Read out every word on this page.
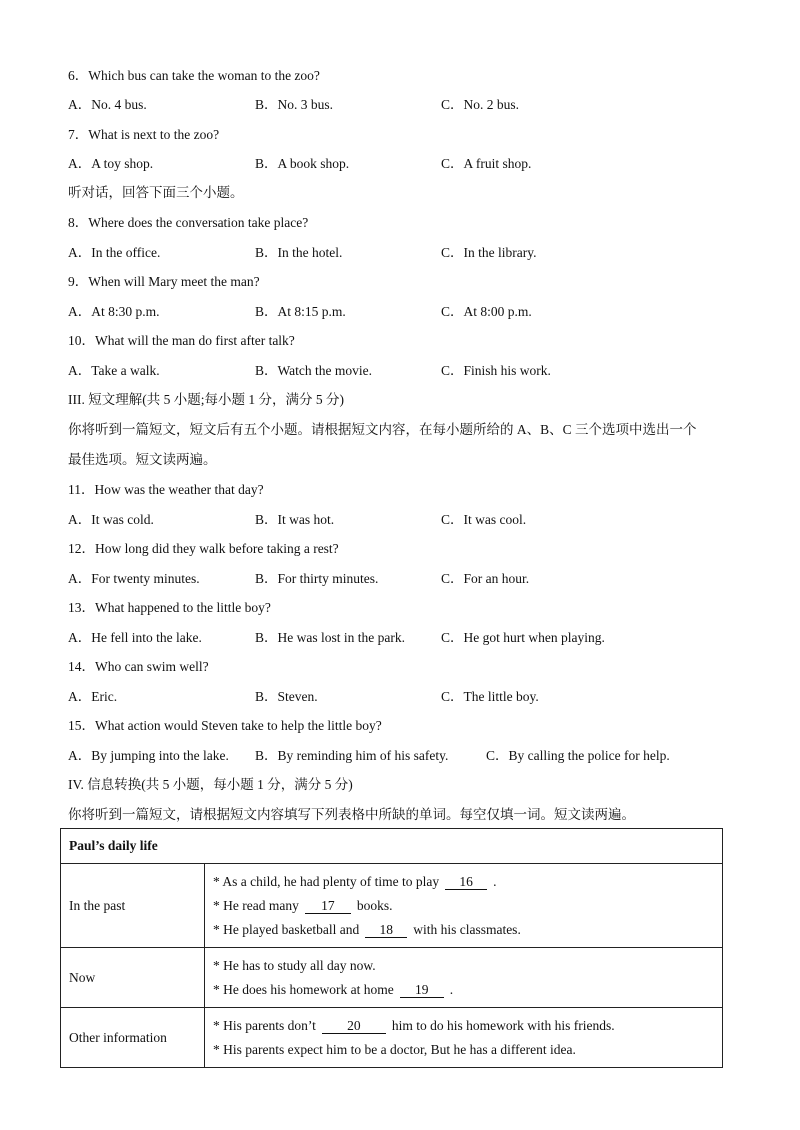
6．Which bus can take the woman to the zoo?
A．No. 4 bus.	B．No. 3 bus.	C．No. 2 bus.
7．What is next to the zoo?
A．A toy shop.	B．A book shop.	C．A fruit shop.
听对话，回答下面三个小题。
8．Where does the conversation take place?
A．In the office.	B．In the hotel.	C．In the library.
9．When will Mary meet the man?
A．At 8:30 p.m.	B．At 8:15 p.m.	C．At 8:00 p.m.
10．What will the man do first after talk?
A．Take a walk.	B．Watch the movie.	C．Finish his work.
III. 短文理解(共 5 小题;每小题 1 分，满分 5 分)
你将听到一篇短文，短文后有五个小题。请根据短文内容，在每小题所给的 A、B、C 三个选项中选出一个
最佳选项。短文读两遍。
11．How was the weather that day?
A．It was cold.	B．It was hot.	C．It was cool.
12．How long did they walk before taking a rest?
A．For twenty minutes.	B．For thirty minutes.	C．For an hour.
13．What happened to the little boy?
A．He fell into the lake.	B．He was lost in the park.	C．He got hurt when playing.
14．Who can swim well?
A．Eric.	B．Steven.	C．The little boy.
15．What action would Steven take to help the little boy?
A．By jumping into the lake. B．By reminding him of his safety.	C．By calling the police for help.
IV. 信息转换(共 5 小题，每小题 1 分，满分 5 分)
你将听到一篇短文，请根据短文内容填写下列表格中所缺的单词。每空仅填一词。短文读两遍。
Paul’s daily life	
In the past	* As a child, he had plenty of time to play 16 .
* He read many 17 books.
* He played basketball and 18 with his classmates.

Now	* He has to study all day now.
* He does his homework at home 19 .

Other information	* His parents don’t 20 him to do his homework with his friends.
* His parents expect him to be a doctor, But he has a different idea.
